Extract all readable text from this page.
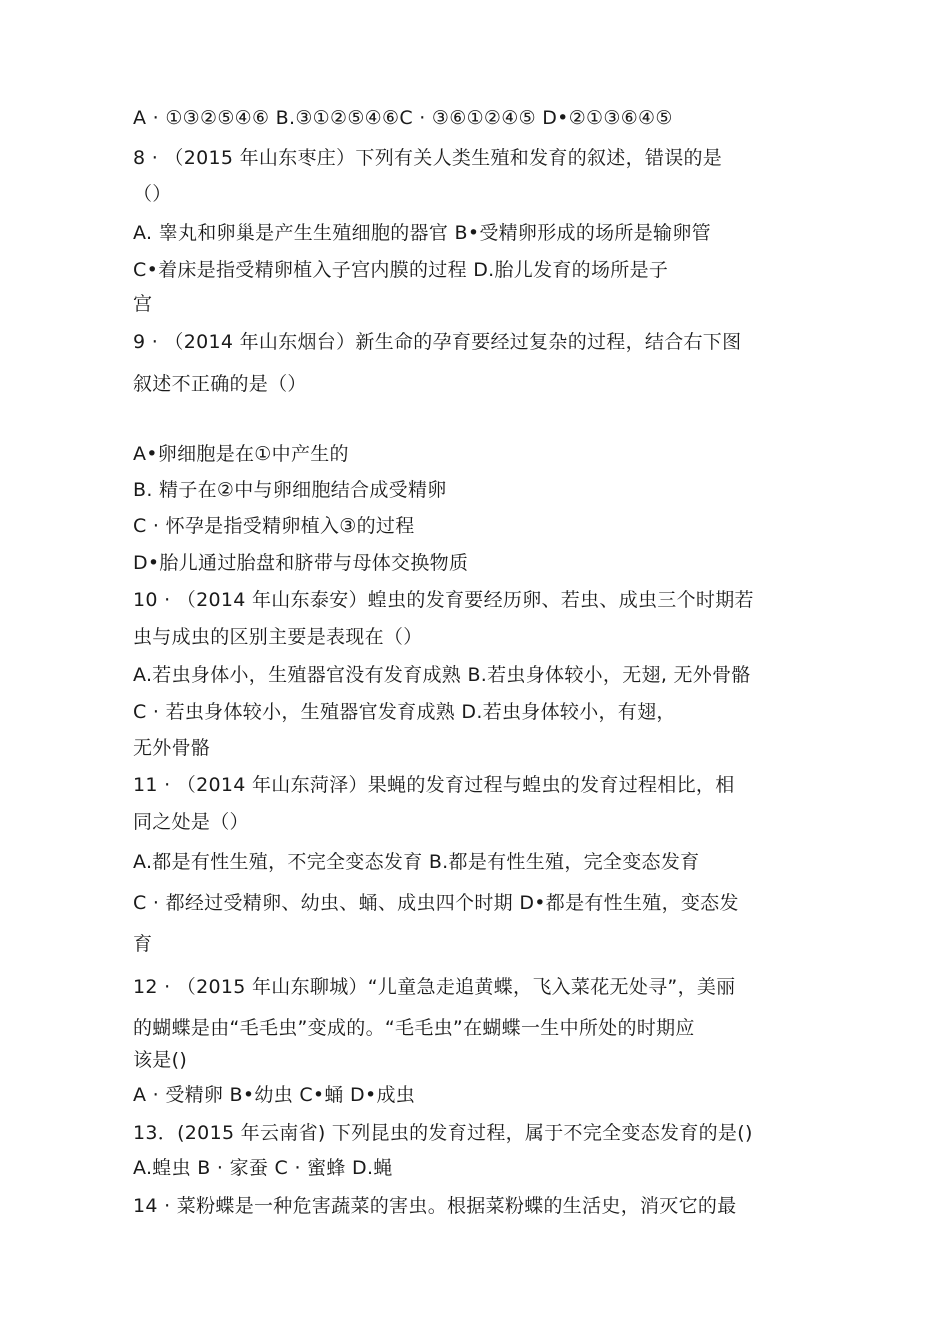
A · ①③②⑤④⑥ B.③①②⑤④⑥C · ③⑥①②④⑤ D•②①③⑥④⑤
8 · （2015 年山东枣庄）下列有关人类生殖和发育的叙述，错误的是
（）
A. 睾丸和卵巢是产生生殖细胞的器官 B•受精卵形成的场所是输卵管
C•着床是指受精卵植入子宫内膜的过程 D.胎儿发育的场所是子
宫
9 · （2014 年山东烟台）新生命的孕育要经过复杂的过程，结合右下图
叙述不正确的是（）
A•卵细胞是在①中产生的
B. 精子在②中与卵细胞结合成受精卵
C · 怀孕是指受精卵植入③的过程
D•胎儿通过胎盘和脐带与母体交换物质
10 · （2014 年山东泰安）蝗虫的发育要经历卵、若虫、成虫三个时期若
虫与成虫的区别主要是表现在（）
A.若虫身体小，生殖器官没有发育成熟 B.若虫身体较小，无翅, 无外骨骼
C · 若虫身体较小，生殖器官发育成熟 D.若虫身体较小，有翅，
无外骨骼
11 · （2014 年山东菏泽）果蝇的发育过程与蝗虫的发育过程相比，相
同之处是（）
A.都是有性生殖，不完全变态发育 B.都是有性生殖，完全变态发育
C · 都经过受精卵、幼虫、蛹、成虫四个时期 D•都是有性生殖，变态发
育
12 · （2015 年山东聊城）“儿童急走追黄蝶，飞入菜花无处寻”，美丽
的蝴蝶是由“毛毛虫”变成的。“毛毛虫”在蝴蝶一生中所处的时期应
该是()
A · 受精卵 B•幼虫 C•蛹 D•成虫
13．(2015 年云南省) 下列昆虫的发育过程，属于不完全变态发育的是()
A.蝗虫 B · 家蚕 C · 蜜蜂 D.蝇
14 · 菜粉蝶是一种危害蔬菜的害虫。根据菜粉蝶的生活史，消灭它的最
